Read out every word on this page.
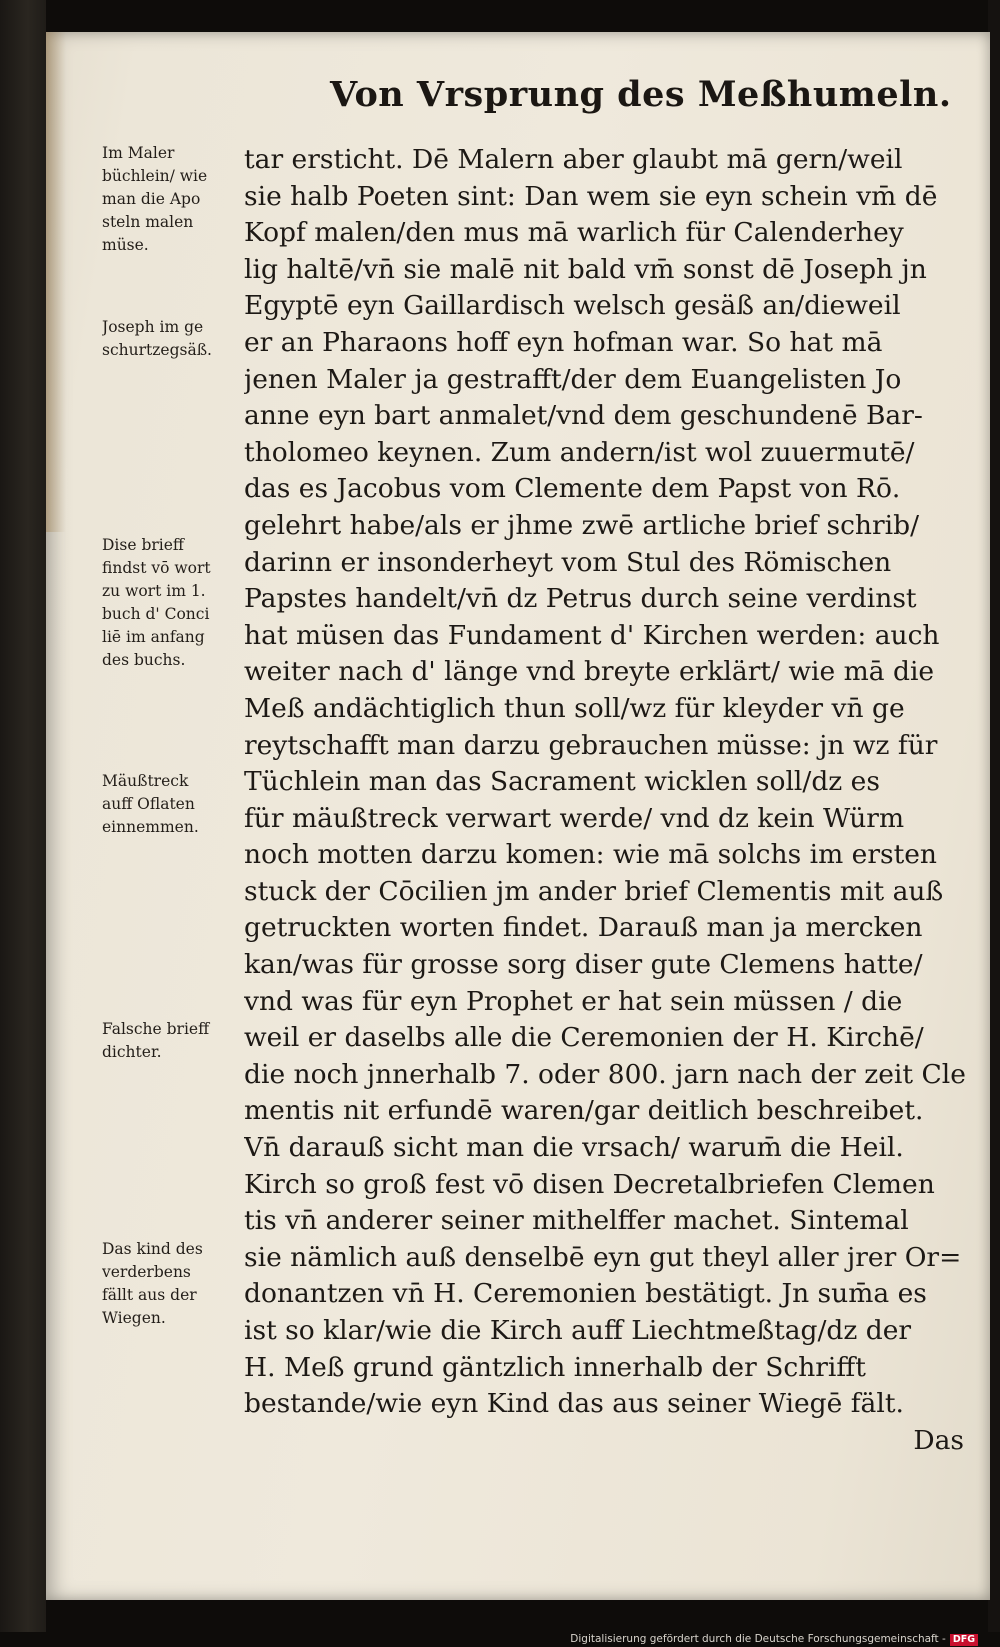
Von Vrsprung des Meßhumeln.
tar ersticht. Dē Malern aber glaubt mā gern/weil
sie halb Poeten sint: Dan wem sie eyn schein vm̄ dē
Kopf malen/den mus mā warlich für Calenderhey
lig haltē/vn̄ sie malē nit bald vm̄ sonst dē Joseph jn
Egyptē eyn Gaillardisch welsch gesäß an/dieweil
er an Pharaons hoff eyn hofman war. So hat mā
jenen Maler ja gestrafft/der dem Euangelisten Jo
anne eyn bart anmalet/vnd dem geschundenē Bar-
tholomeo keynen. Zum andern/ist wol zuuermutē/
das es Jacobus vom Clemente dem Papst von Rō.
gelehrt habe/als er jhme zwē artliche brief schrib/
darinn er insonderheyt vom Stul des Römischen
Papstes handelt/vn̄ dz Petrus durch seine verdinst
hat müsen das Fundament d' Kirchen werden: auch
weiter nach d' länge vnd breyte erklärt/ wie mā die
Meß andächtiglich thun soll/wz für kleyder vn̄ ge
reytschafft man darzu gebrauchen müsse: jn wz für
Tüchlein man das Sacrament wicklen soll/dz es
für mäußtreck verwart werde/ vnd dz kein Würm
noch motten darzu komen: wie mā solchs im ersten
stuck der Cōcilien jm ander brief Clementis mit auß
getruckten worten findet. Darauß man ja mercken
kan/was für grosse sorg diser gute Clemens hatte/
vnd was für eyn Prophet er hat sein müssen / die
weil er daselbs alle die Ceremonien der H. Kirchē/
die noch jnnerhalb 7. oder 800. jarn nach der zeit Cle
mentis nit erfundē waren/gar deitlich beschreibet.
Vn̄ darauß sicht man die vrsach/ warum̄ die Heil.
Kirch so groß fest vō disen Decretalbriefen Clemen
tis vn̄ anderer seiner mithelffer machet. Sintemal
sie nämlich auß denselbē eyn gut theyl aller jrer Or=
donantzen vn̄ H. Ceremonien bestätigt. Jn sum̄a es
ist so klar/wie die Kirch auff Liechtmeßtag/dz der
H. Meß grund gäntzlich innerhalb der Schrifft
bestande/wie eyn Kind das aus seiner Wiegē fält.
Das
Im Maler
büchlein/ wie
man die Apo
steln malen
müse.
Joseph im ge
schurtzegsäß.
Dise brieff
findst vō wort
zu wort im 1.
buch d' Conci
liē im anfang
des buchs.
Mäußtreck
auff Oflaten
einnemmen.
Falsche brieff
dichter.
Das kind des
verderbens
fällt aus der
Wiegen.
Digitalisierung gefördert durch die Deutsche Forschungsgemeinschaft - DFG
